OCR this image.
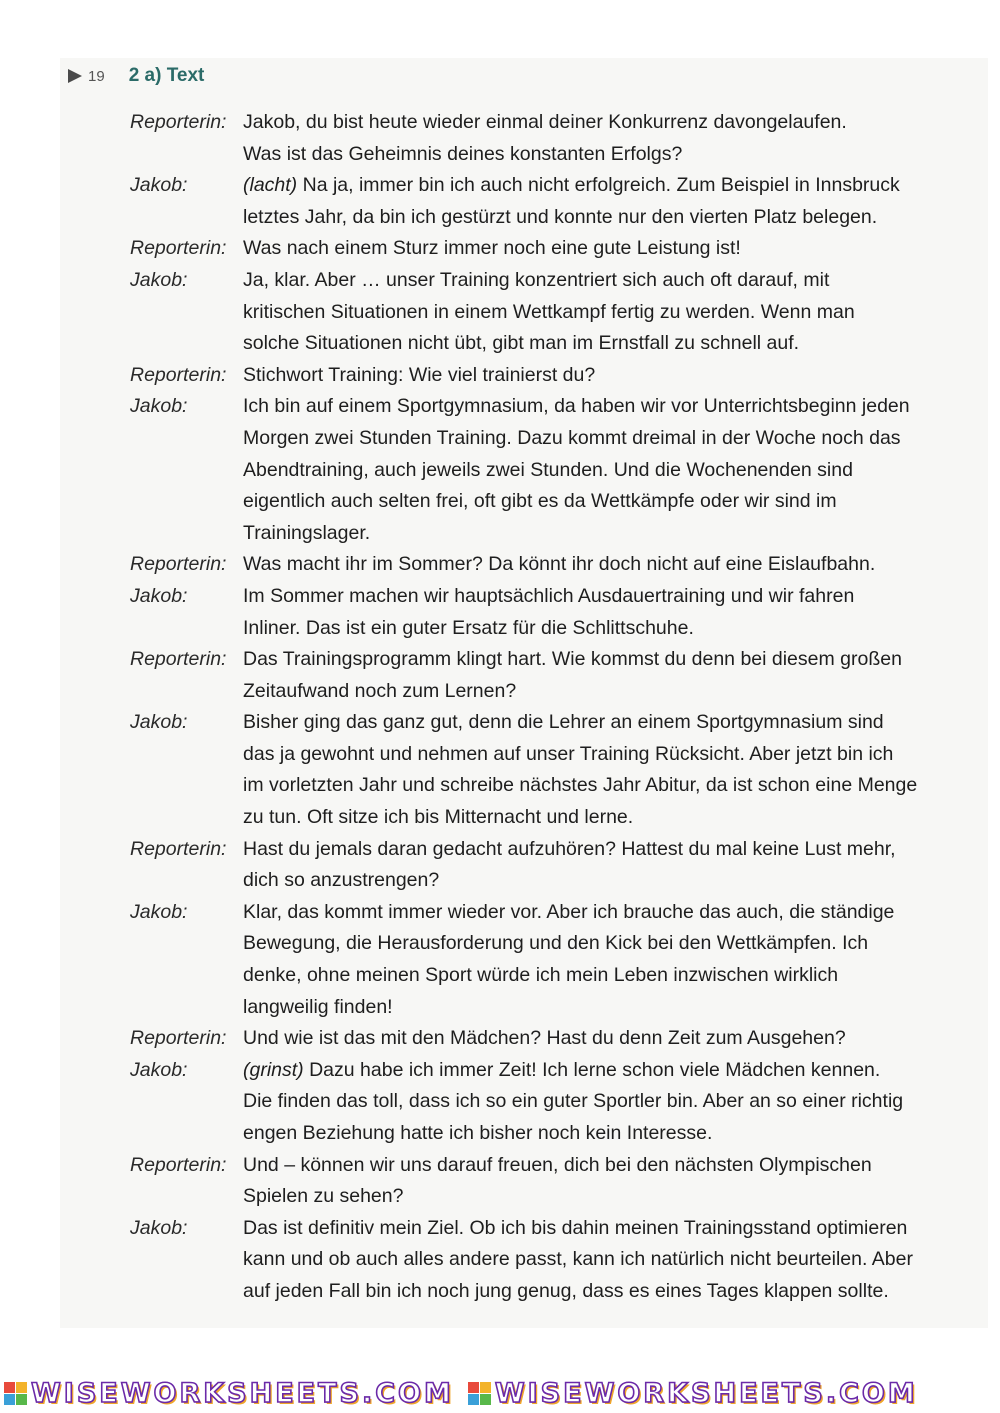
19 2 a) Text
Reporterin: Jakob, du bist heute wieder einmal deiner Konkurrenz davongelaufen.
Was ist das Geheimnis deines konstanten Erfolgs?
Jakob:	(lacht) Na ja, immer bin ich auch nicht erfolgreich. Zum Beispiel in Innsbruck
letztes Jahr, da bin ich gestürzt und konnte nur den vierten Platz belegen.
Reporterin: Was nach einem Sturz immer noch eine gute Leistung ist!
Jakob:	Ja, klar. Aber … unser Training konzentriert sich auch oft darauf, mit
kritischen Situationen in einem Wettkampf fertig zu werden. Wenn man
solche Situationen nicht übt, gibt man im Ernstfall zu schnell auf.
Reporterin: Stichwort Training: Wie viel trainierst du?
Jakob:	Ich bin auf einem Sportgymnasium, da haben wir vor Unterrichtsbeginn jeden
Morgen zwei Stunden Training. Dazu kommt dreimal in der Woche noch das
Abendtraining, auch jeweils zwei Stunden. Und die Wochenenden sind
eigentlich auch selten frei, oft gibt es da Wettkämpfe oder wir sind im
Trainingslager.
Reporterin: Was macht ihr im Sommer? Da könnt ihr doch nicht auf eine Eislaufbahn.
Jakob:	Im Sommer machen wir hauptsächlich Ausdauertraining und wir fahren
Inliner. Das ist ein guter Ersatz für die Schlittschuhe.
Reporterin: Das Trainingsprogramm klingt hart. Wie kommst du denn bei diesem großen
Zeitaufwand noch zum Lernen?
Jakob:	Bisher ging das ganz gut, denn die Lehrer an einem Sportgymnasium sind
das ja gewohnt und nehmen auf unser Training Rücksicht. Aber jetzt bin ich
im vorletzten Jahr und schreibe nächstes Jahr Abitur, da ist schon eine Menge
zu tun. Oft sitze ich bis Mitternacht und lerne.
Reporterin: Hast du jemals daran gedacht aufzuhören? Hattest du mal keine Lust mehr,
dich so anzustrengen?
Jakob:	Klar, das kommt immer wieder vor. Aber ich brauche das auch, die ständige
Bewegung, die Herausforderung und den Kick bei den Wettkämpfen. Ich
denke, ohne meinen Sport würde ich mein Leben inzwischen wirklich
langweilig finden!
Reporterin: Und wie ist das mit den Mädchen? Hast du denn Zeit zum Ausgehen?
Jakob:	(grinst) Dazu habe ich immer Zeit! Ich lerne schon viele Mädchen kennen.
Die finden das toll, dass ich so ein guter Sportler bin. Aber an so einer richtig
engen Beziehung hatte ich bisher noch kein Interesse.
Reporterin: Und – können wir uns darauf freuen, dich bei den nächsten Olympischen
Spielen zu sehen?
Jakob:	Das ist definitiv mein Ziel. Ob ich bis dahin meinen Trainingsstand optimieren
kann und ob auch alles andere passt, kann ich natürlich nicht beurteilen. Aber
auf jeden Fall bin ich noch jung genug, dass es eines Tages klappen sollte.
WISEWORKSHEETS.COM WISEWORKSHEETS.COM
